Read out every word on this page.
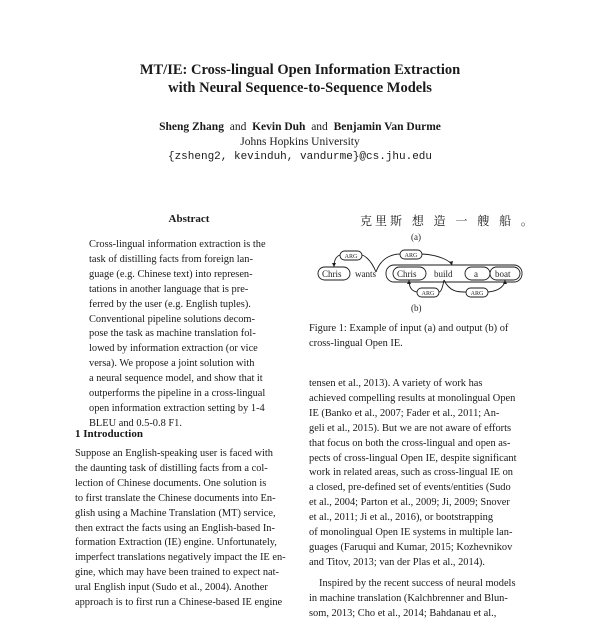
MT/IE: Cross-lingual Open Information Extraction
with Neural Sequence-to-Sequence Models
Sheng Zhang and Kevin Duh and Benjamin Van Durme
Johns Hopkins University
{zsheng2, kevinduh, vandurme}@cs.jhu.edu
Abstract
Cross-lingual information extraction is the
task of distilling facts from foreign lan-
guage (e.g. Chinese text) into represen-
tations in another language that is pre-
ferred by the user (e.g. English tuples).
Conventional pipeline solutions decom-
pose the task as machine translation fol-
lowed by information extraction (or vice
versa). We propose a joint solution with
a neural sequence model, and show that it
outperforms the pipeline in a cross-lingual
open information extraction setting by 1-4
BLEU and 0.5-0.8 F1.
1 Introduction
Suppose an English-speaking user is faced with
the daunting task of distilling facts from a col-
lection of Chinese documents. One solution is
to first translate the Chinese documents into En-
glish using a Machine Translation (MT) service,
then extract the facts using an English-based In-
formation Extraction (IE) engine. Unfortunately,
imperfect translations negatively impact the IE en-
gine, which may have been trained to expect nat-
ural English input (Sudo et al., 2004). Another
approach is to first run a Chinese-based IE engine
克里斯 想 造 一 艘 船 。
(a)
Chris wants Chris build a boat
ARG	ARG
ARG	ARG
(b)
Figure 1: Example of input (a) and output (b) of cross-lingual Open IE.
tensen et al., 2013). A variety of work has
achieved compelling results at monolingual Open
IE (Banko et al., 2007; Fader et al., 2011; An-
geli et al., 2015). But we are not aware of efforts
that focus on both the cross-lingual and open as-
pects of cross-lingual Open IE, despite significant
work in related areas, such as cross-lingual IE on
a closed, pre-defined set of events/entities (Sudo
et al., 2004; Parton et al., 2009; Ji, 2009; Snover
et al., 2011; Ji et al., 2016), or bootstrapping
of monolingual Open IE systems in multiple lan-
guages (Faruqui and Kumar, 2015; Kozhevnikov
and Titov, 2013; van der Plas et al., 2014).
Inspired by the recent success of neural models
in machine translation (Kalchbrenner and Blun-
som, 2013; Cho et al., 2014; Bahdanau et al.,
